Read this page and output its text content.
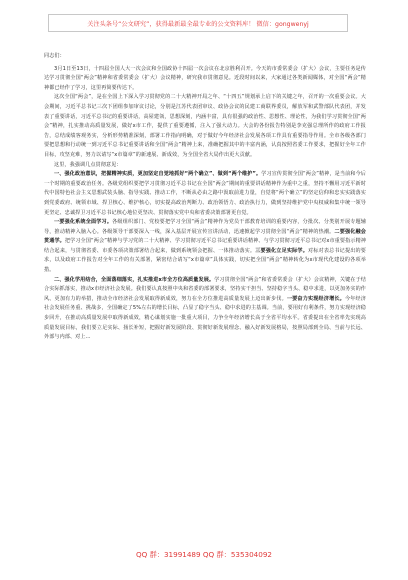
关注头条号“公文研究”，获得最新最全最专业的公文资料库！ 微信：gongwenyj

同志们：

3月1日至13日，十四届全国人大一次会议和全国政协十四届一次会议在北京胜利召开。今天的市委常委会（扩大）会议，主要任务是传达学习贯彻全国“两会”精神和省委常委会（扩大）会议精神，研究我市贯彻意见。近段时间以来，大家通过各类新闻媒体，对全国“两会”精神都已经作了学习，这里再简要传达下。

这次全国“两会”，是在全国上下深入学习贯彻党的二十大精神开局之年、“十四五”规划承上启下的关键之年，召开的一次重要会议。大会期间，习近平总书记三次下团组参加审议讨论，分别是江苏代表团审议、政协会议的民建工商联界委员，解放军和武警部队代表团，并发表了重要讲话，习近平总书记的重要讲话，高屋建瓴，思想深刻，内涵丰富，具有很强的政治性、思想性、理论性，为我们学习贯彻全国“两会”精神，扎实推动高质量发展，做好x市工作，提供了重要遵循，注入了强大动力。大会的各份报告特别是李克强总理所作的政府工作报告，总结成绩客观务实，分析形势精准深刻，部署工作指向明确，对于做好今年经济社会发展各项工作具有重要指导作用。全市各级各部门要把思想和行动统一到习近平总书记重要讲话和全国“两会”精神上来，准确把握其中的丰富内涵，认真按照省委工作要求，把握好全年工作目标，攻坚克难，努力以请写“x市篇章”的新速展、新成效，为全国全省大局作出更大贡献。

这里，我强调几点贯彻意见：

一、强化政治意识，把握精神实质，更加坚定自觉地抓好“两个确立”、做到“两个维护”。学习宣传贯彻全国“两会”精神，是当前和今后一个时期的重要政治任务。各级党组织要把学习贯彻习近平总书记在全国“两会”期间的重要讲话精神作为重中之重，坚持不懈用习近平新时代中国特色社会主义思想武装头脑、指导实践、推动工作，不断从必由之路中汲取前进力量，自觉将“两个确立”的坚定信仰和忠实实践落实到党委政府、统领市域、捍卫核心、维护核心，切实提高政治判断力、政治领悟力、政治执行力，做到坚持维护党中央权威和集中统一领导更坚定、忠诚捍卫习近平总书记核心地位更坚决、贯彻落实党中央和省委决策部署更自觉。

一要强化系统全面学习。各级组织部门、党校要把学习全国“两会”精神作为党员干部教育培训的重要内容，分批次、分类别开展专题辅导，推动精神入脑入心。各级领导干部要深入一线，深入基层开展宣传宣讲活动，迅速掀起学习贯彻全国“两会”精神的热潮。二要强化融会贯通学。把学习全国“两会”精神与学习党的二十大精神、学习贯彻习近平总书记重要讲话精神、与学习贯彻习近平总书记对x市重要指示精神结合起来，与贯彻省委、市委各项决策部署结合起来，做到系统领会把握、一体推动落实。三要强化立足实际学。对标对表总书记提出的要求，以及政府工作报告对全年工作的有关部署，紧密结合请写“x市篇章”具体实践，切实把全国“两会”精神转化为x市现代化建设的各项举措。

二、强化学用结合，全面落细落实，扎实推进x市全方位高质量发展。学习贯彻全国“两会”和省委常委会（扩大）会议精神，关键在于结合实际抓落实，推动x市经济社会发展。我们要认真按照中央和省委的部署要求，坚持实干担当、坚持稳字当头、稳中求进，以更加务实的作风、更加有力的举措，推动全市经济社会发展取得新成效，努力在全方位推进高质量发展上迈出新步伐。一要奋力实现经济增长。今年经济社会发展任务重、挑战多，全国确定了5%左右的增长目标，凸显了稳字当头、稳中求进的主基调。当前，要用好有利条件，努力实现经济稳步回升，在推动高质量发展中取得新成效，精心谋划实施一批重大项目，力争全年经济增长高于全省平均水平。省委提出在全省率先实现高质量发展目标，我们要立足实际、扬长补短，把握好新发展阶段、贯彻好新发展理念、融入好新发展格局，按照局部到全局、当前与长远、外部与内部、对上…

QQ 群：31991489 QQ 群：535304092
